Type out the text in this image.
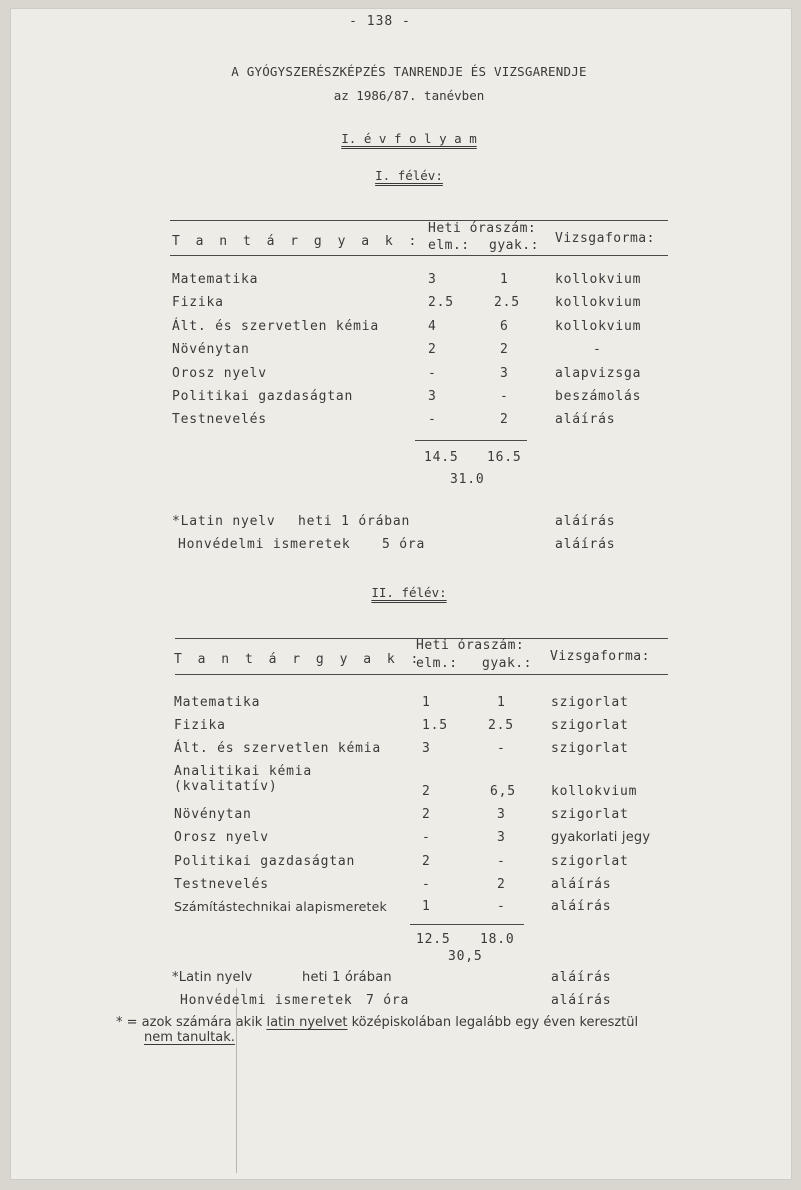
- 138 -
A GYÓGYSZERÉSZKÉPZÉS TANRENDJE ÉS VIZSGARENDJE
az 1986/87. tanévben
I. é v f o l y a m
I. félév:
T a n t á r g y a k :
Heti óraszám:
elm.: gyak.: Vizsgaforma:
Matematika	3	1	kollokvium
Fizika	2.5	2.5	kollokvium
Ált. és szervetlen kémia	4	6	kollokvium
Növénytan	2	2	-
Orosz nyelv	-	3	alapvizsga
Politikai gazdaságtan	3	-	beszámolás
Testnevelés	-	2	aláírás
14.5 16.5
31.0
*Latin nyelv heti 1 órában	aláírás
Honvédelmi ismeretek 5 óra	aláírás
II. félév:
T a n t á r g y a k :
Heti óraszám:
elm.: gyak.: Vizsgaforma:
Matematika	1	1	szigorlat
Fizika	1.5	2.5	szigorlat
Ált. és szervetlen kémia	3	-	szigorlat
Analitikai kémia
(kvalitatív)	2	6,5	kollokvium
Növénytan	2	3	szigorlat
Orosz nyelv	-	3	gyakorlati jegy
Politikai gazdaságtan	2	-	szigorlat
Testnevelés	-	2	aláírás
Számítástechnikai alapismeretek	1	-	aláírás
12.5 18.0
30,5
*Latin nyelv	heti 1 órában	aláírás
Honvédelmi ismeretek 7 óra	aláírás
* = azok számára akik latin nyelvet középiskolában legalább egy éven keresztül
nem tanultak.
